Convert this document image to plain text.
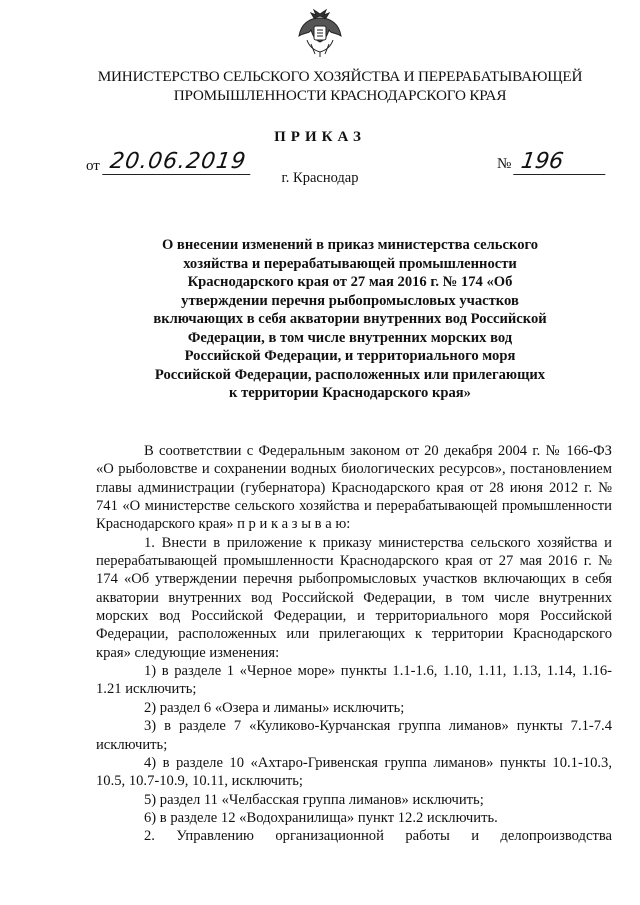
МИНИСТЕРСТВО СЕЛЬСКОГО ХОЗЯЙСТВА И ПЕРЕРАБАТЫВАЮЩЕЙ
ПРОМЫШЛЕННОСТИ КРАСНОДАРСКОГО КРАЯ
ПРИКАЗ
от 20.06.2019	№ 196
г. Краснодар
О внесении изменений в приказ министерства сельского хозяйства и перерабатывающей промышленности Краснодарского края от 27 мая 2016 г. № 174 «Об утверждении перечня рыбопромысловых участков включающих в себя акватории внутренних вод Российской Федерации, в том числе внутренних морских вод Российской Федерации, и территориального моря Российской Федерации, расположенных или прилегающих к территории Краснодарского края»

В соответствии с Федеральным законом от 20 декабря 2004 г. № 166-ФЗ «О рыболовстве и сохранении водных биологических ресурсов», постановлением главы администрации (губернатора) Краснодарского края от 28 июня 2012 г. № 741 «О министерстве сельского хозяйства и перерабатывающей промышленности Краснодарского края» п р и к а з ы в а ю:

1. Внести в приложение к приказу министерства сельского хозяйства и перерабатывающей промышленности Краснодарского края от 27 мая 2016 г. № 174 «Об утверждении перечня рыбопромысловых участков включающих в себя акватории внутренних вод Российской Федерации, в том числе внутренних морских вод Российской Федерации, и территориального моря Российской Федерации, расположенных или прилегающих к территории Краснодарского края» следующие изменения:

1) в разделе 1 «Черное море» пункты 1.1-1.6, 1.10, 1.11, 1.13, 1.14, 1.16-1.21 исключить;

2) раздел 6 «Озера и лиманы» исключить;

3) в разделе 7 «Куликово-Курчанская группа лиманов» пункты 7.1-7.4 исключить;

4) в разделе 10 «Ахтаро-Гривенская группа лиманов» пункты 10.1-10.3, 10.5, 10.7-10.9, 10.11, исключить;

5) раздел 11 «Челбасская группа лиманов» исключить;

6) в разделе 12 «Водохранилища» пункт 12.2 исключить.

2. Управлению организационной работы и делопроизводства
